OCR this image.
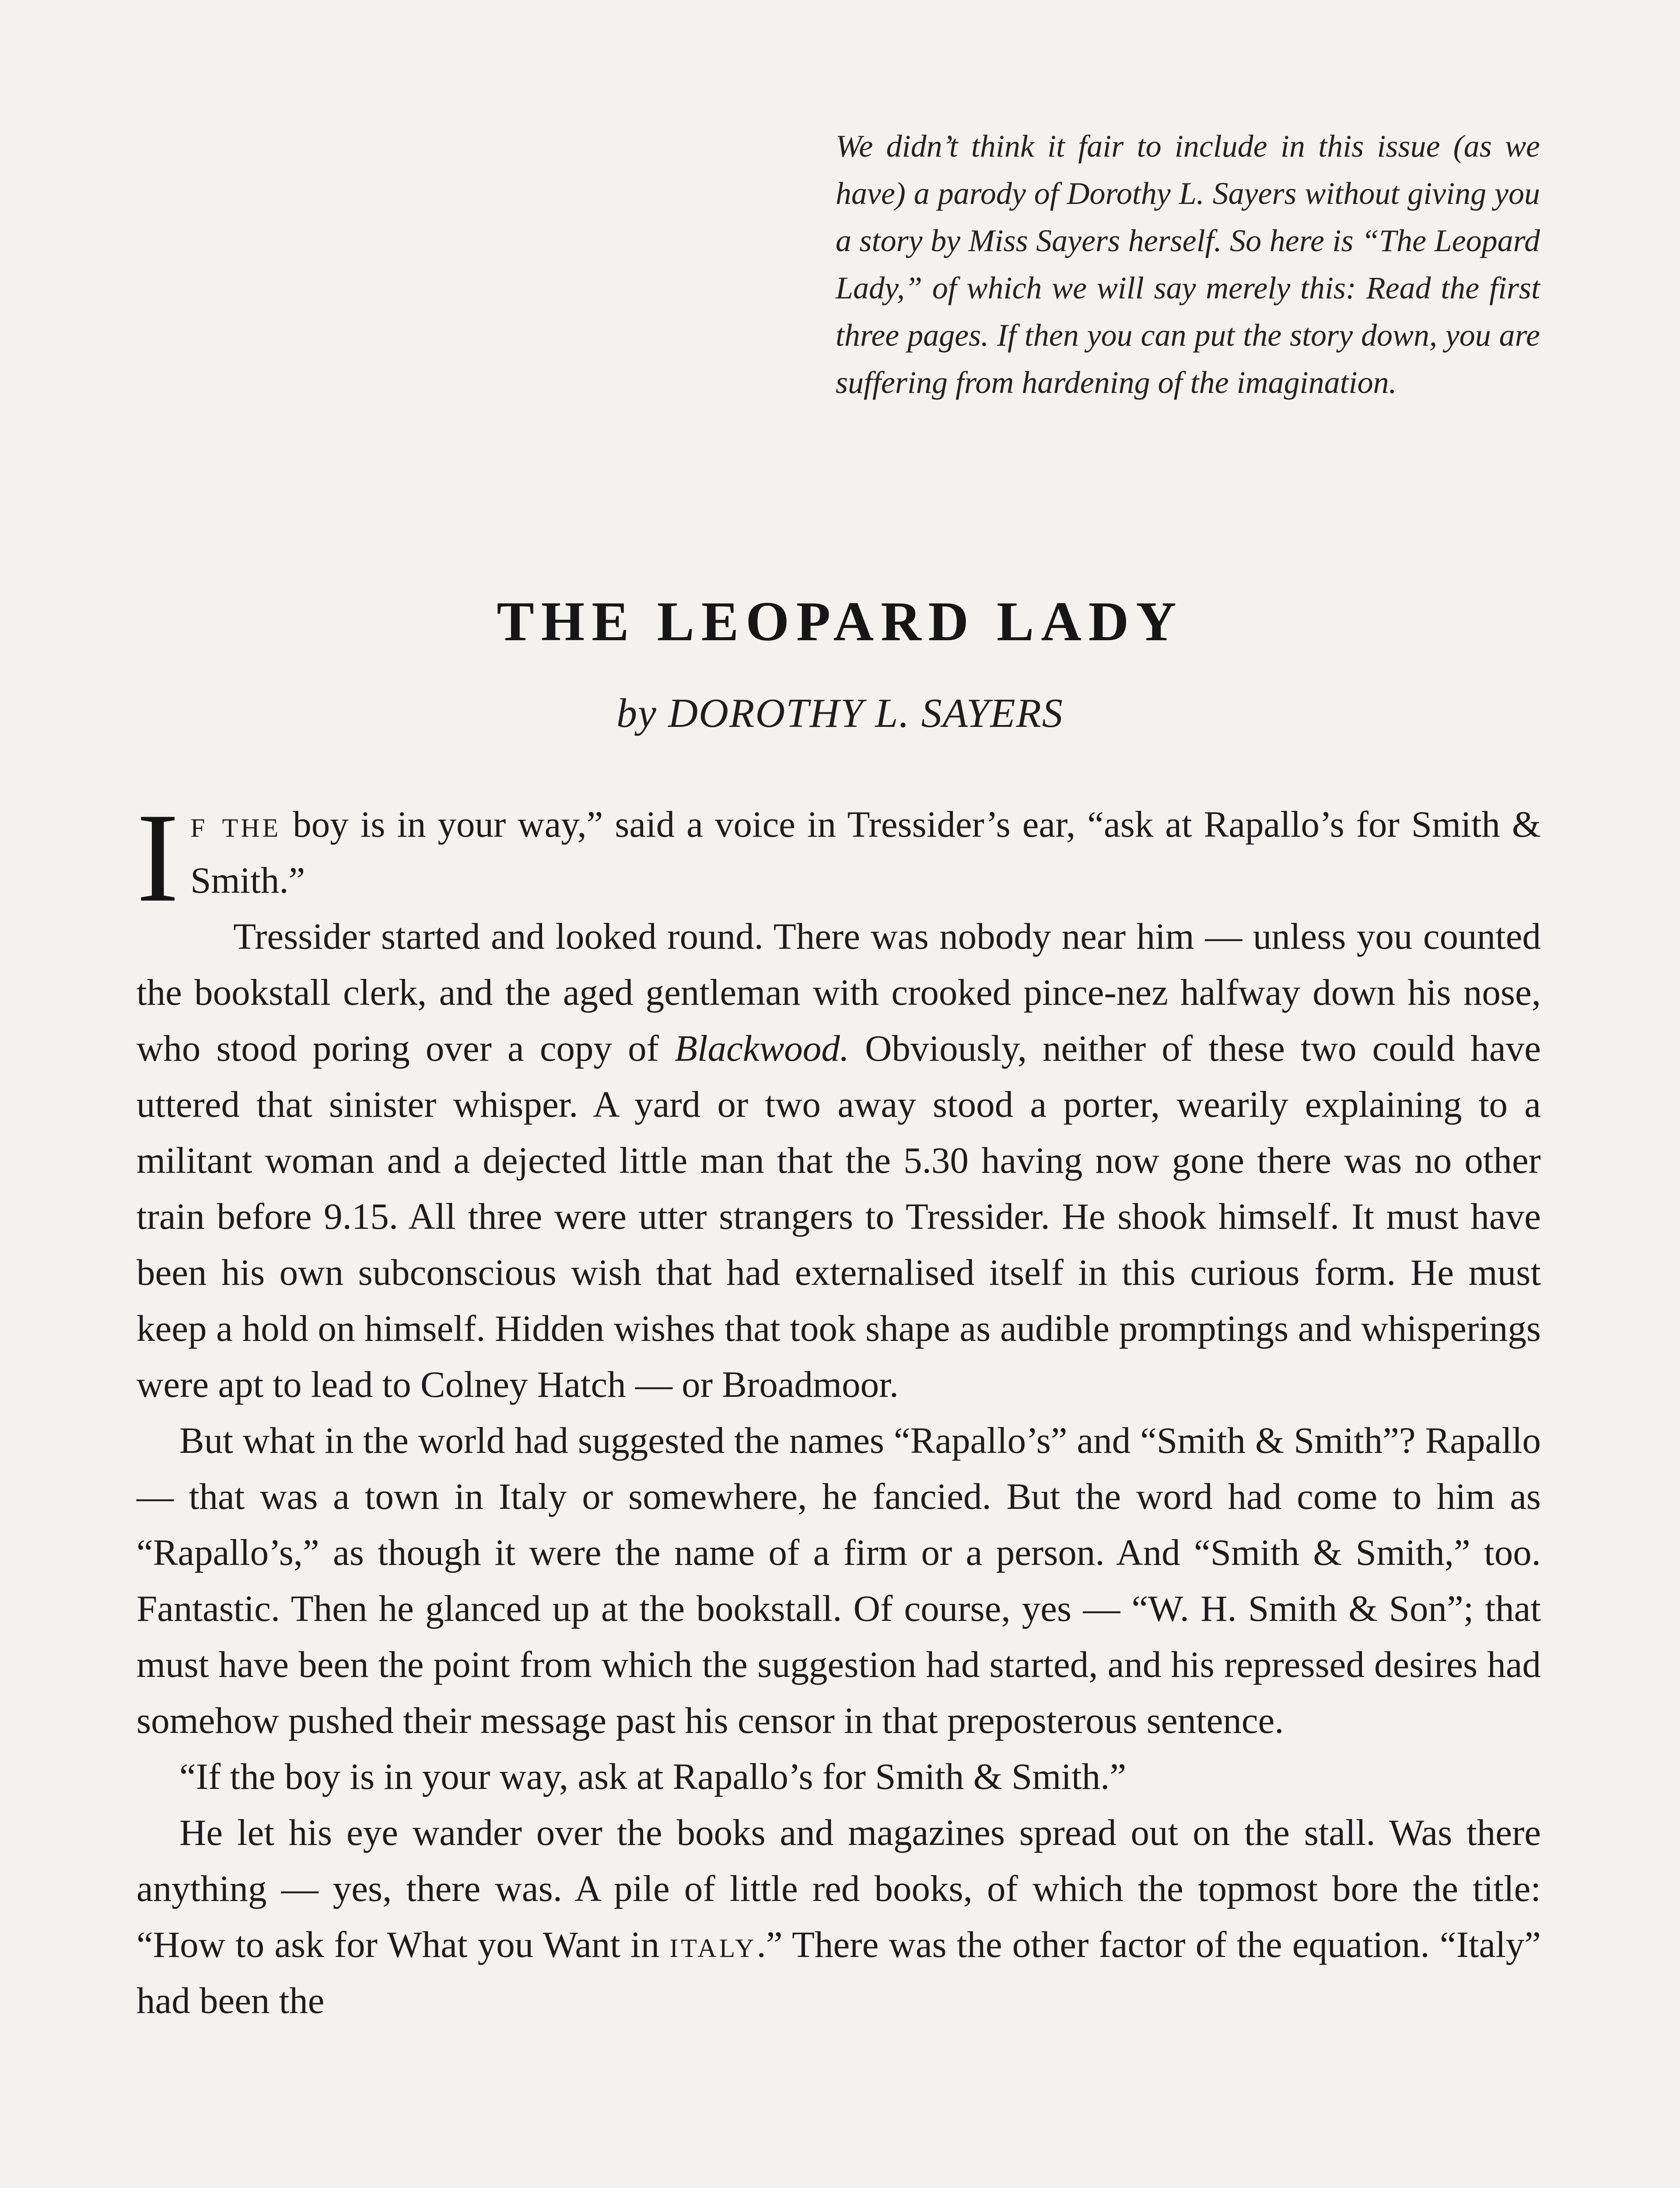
We didn’t think it fair to include in this issue (as we have) a parody of Dorothy L. Sayers without giving you a story by Miss Sayers herself. So here is “The Leopard Lady,” of which we will say merely this: Read the first three pages. If then you can put the story down, you are suffering from hardening of the imagination.
THE LEOPARD LADY
by DOROTHY L. SAYERS

If the boy is in your way,” said a voice in Tressider’s ear, “ask at Rapallo’s for Smith & Smith.”

Tressider started and looked round. There was nobody near him — unless you counted the bookstall clerk, and the aged gentleman with crooked pince-nez halfway down his nose, who stood poring over a copy of Blackwood. Obviously, neither of these two could have uttered that sinister whisper. A yard or two away stood a porter, wearily explaining to a militant woman and a dejected little man that the 5.30 having now gone there was no other train before 9.15. All three were utter strangers to Tressider. He shook himself. It must have been his own subconscious wish that had externalised itself in this curious form. He must keep a hold on himself. Hidden wishes that took shape as audible promptings and whisperings were apt to lead to Colney Hatch — or Broadmoor.

But what in the world had suggested the names “Rapallo’s” and “Smith & Smith”? Rapallo — that was a town in Italy or somewhere, he fancied. But the word had come to him as “Rapallo’s,” as though it were the name of a firm or a person. And “Smith & Smith,” too. Fantastic. Then he glanced up at the bookstall. Of course, yes — “W. H. Smith & Son”; that must have been the point from which the suggestion had started, and his repressed desires had somehow pushed their message past his censor in that preposterous sentence.

“If the boy is in your way, ask at Rapallo’s for Smith & Smith.”

He let his eye wander over the books and magazines spread out on the stall. Was there anything — yes, there was. A pile of little red books, of which the topmost bore the title: “How to ask for What you Want in italy.” There was the other factor of the equation. “Italy” had been the
